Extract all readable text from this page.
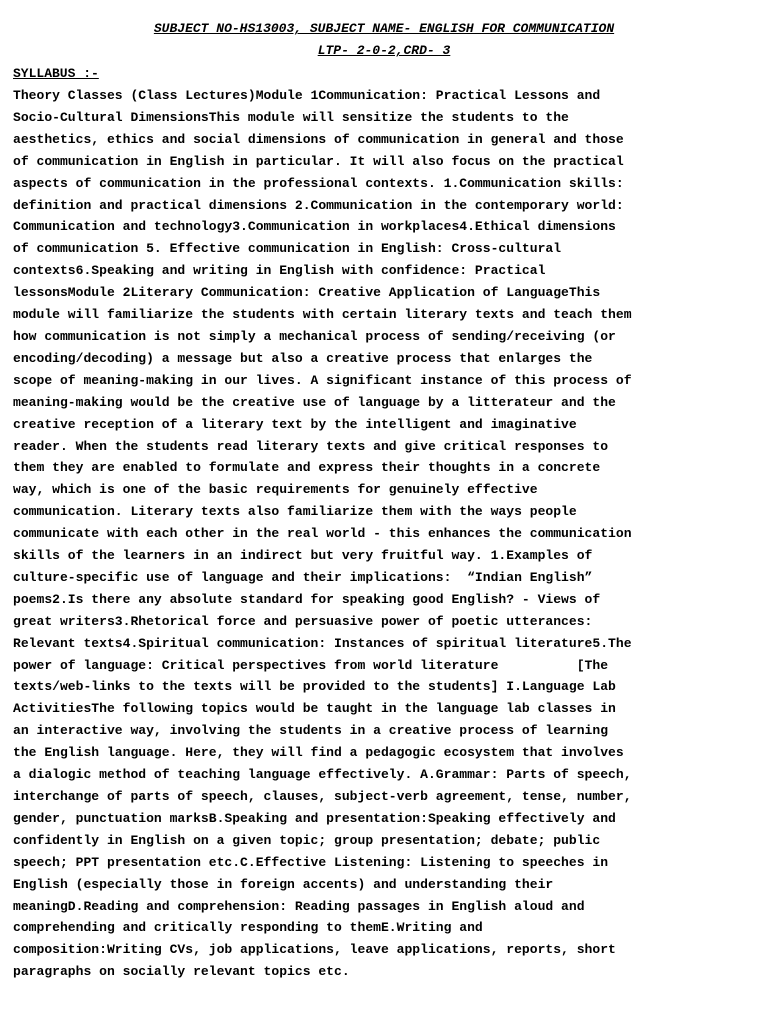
SUBJECT NO-HS13003, SUBJECT NAME- ENGLISH FOR COMMUNICATION

LTP- 2-0-2,CRD- 3

SYLLABUS :-

Theory Classes (Class Lectures)Module 1Communication: Practical Lessons and
Socio-Cultural DimensionsThis module will sensitize the students to the
aesthetics, ethics and social dimensions of communication in general and those
of communication in English in particular. It will also focus on the practical
aspects of communication in the professional contexts. 1.Communication skills:
definition and practical dimensions 2.Communication in the contemporary world:
Communication and technology3.Communication in workplaces4.Ethical dimensions
of communication 5. Effective communication in English: Cross-cultural
contexts6.Speaking and writing in English with confidence: Practical
lessonsModule 2Literary Communication: Creative Application of LanguageThis
module will familiarize the students with certain literary texts and teach them
how communication is not simply a mechanical process of sending/receiving (or
encoding/decoding) a message but also a creative process that enlarges the
scope of meaning-making in our lives. A significant instance of this process of
meaning-making would be the creative use of language by a litterateur and the
creative reception of a literary text by the intelligent and imaginative
reader. When the students read literary texts and give critical responses to
them they are enabled to formulate and express their thoughts in a concrete
way, which is one of the basic requirements for genuinely effective
communication. Literary texts also familiarize them with the ways people
communicate with each other in the real world - this enhances the communication
skills of the learners in an indirect but very fruitful way. 1.Examples of
culture-specific use of language and their implications:  “Indian English”
poems2.Is there any absolute standard for speaking good English? - Views of
great writers3.Rhetorical force and persuasive power of poetic utterances:
Relevant texts4.Spiritual communication: Instances of spiritual literature5.The
power of language: Critical perspectives from world literature          [The
texts/web-links to the texts will be provided to the students] I.Language Lab
ActivitiesThe following topics would be taught in the language lab classes in
an interactive way, involving the students in a creative process of learning
the English language. Here, they will find a pedagogic ecosystem that involves
a dialogic method of teaching language effectively. A.Grammar: Parts of speech,
interchange of parts of speech, clauses, subject-verb agreement, tense, number,
gender, punctuation marksB.Speaking and presentation:Speaking effectively and
confidently in English on a given topic; group presentation; debate; public
speech; PPT presentation etc.C.Effective Listening: Listening to speeches in
English (especially those in foreign accents) and understanding their
meaningD.Reading and comprehension: Reading passages in English aloud and
comprehending and critically responding to themE.Writing and
composition:Writing CVs, job applications, leave applications, reports, short
paragraphs on socially relevant topics etc.
